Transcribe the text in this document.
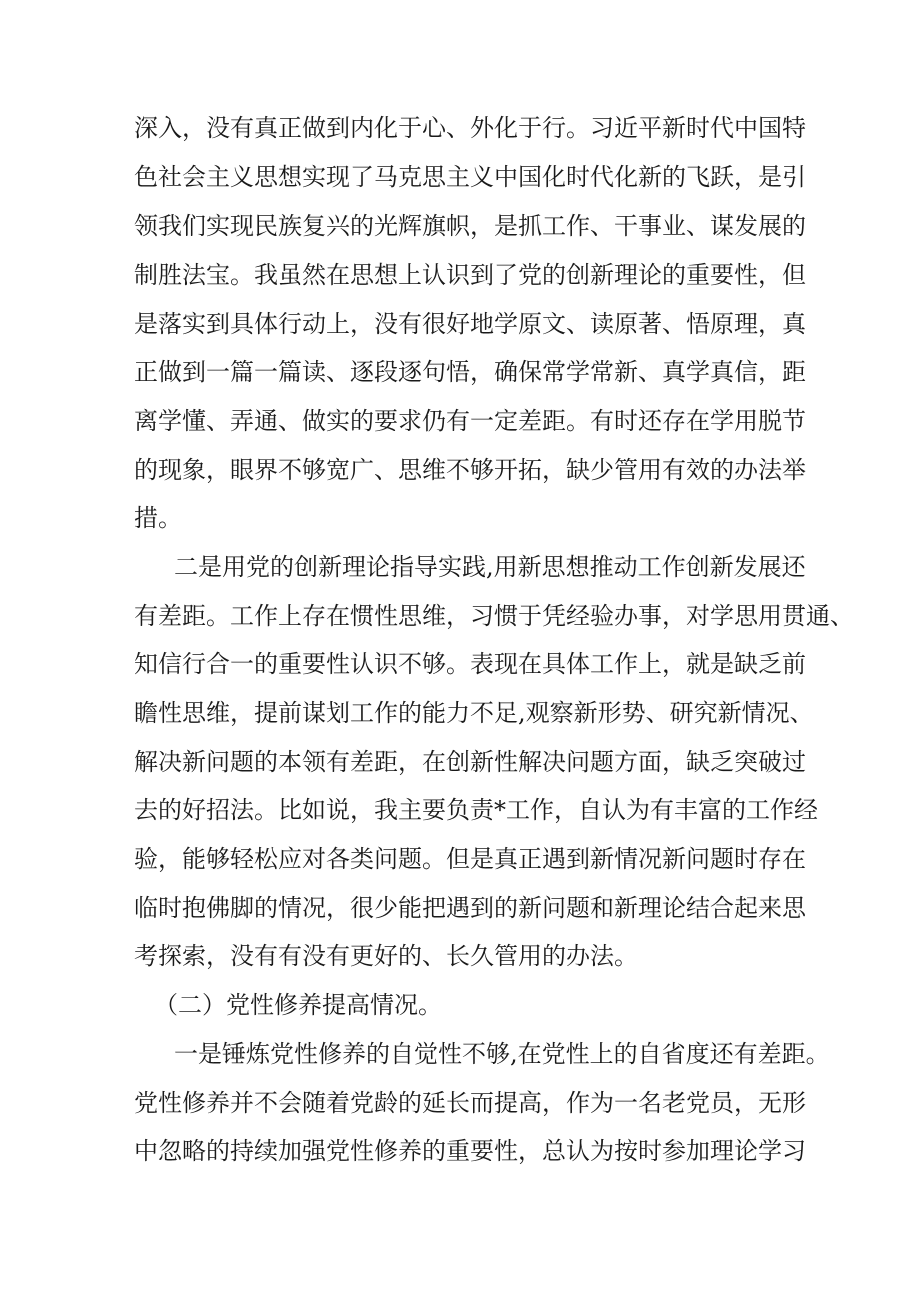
深入，没有真正做到内化于心、外化于行。习近平新时代中国特
色社会主义思想实现了马克思主义中国化时代化新的飞跃，是引
领我们实现民族复兴的光辉旗帜，是抓工作、干事业、谋发展的
制胜法宝。我虽然在思想上认识到了党的创新理论的重要性，但
是落实到具体行动上，没有很好地学原文、读原著、悟原理，真
正做到一篇一篇读、逐段逐句悟，确保常学常新、真学真信，距
离学懂、弄通、做实的要求仍有一定差距。有时还存在学用脱节
的现象，眼界不够宽广、思维不够开拓，缺少管用有效的办法举
措。
二是用党的创新理论指导实践,用新思想推动工作创新发展还
有差距。工作上存在惯性思维，习惯于凭经验办事，对学思用贯通、
知信行合一的重要性认识不够。表现在具体工作上，就是缺乏前
瞻性思维，提前谋划工作的能力不足,观察新形势、研究新情况、
解决新问题的本领有差距，在创新性解决问题方面，缺乏突破过
去的好招法。比如说，我主要负责*工作，自认为有丰富的工作经
验，能够轻松应对各类问题。但是真正遇到新情况新问题时存在
临时抱佛脚的情况，很少能把遇到的新问题和新理论结合起来思
考探索，没有有没有更好的、长久管用的办法。
（二）党性修养提高情况。
一是锤炼党性修养的自觉性不够,在党性上的自省度还有差距。
党性修养并不会随着党龄的延长而提高，作为一名老党员，无形
中忽略的持续加强党性修养的重要性，总认为按时参加理论学习
